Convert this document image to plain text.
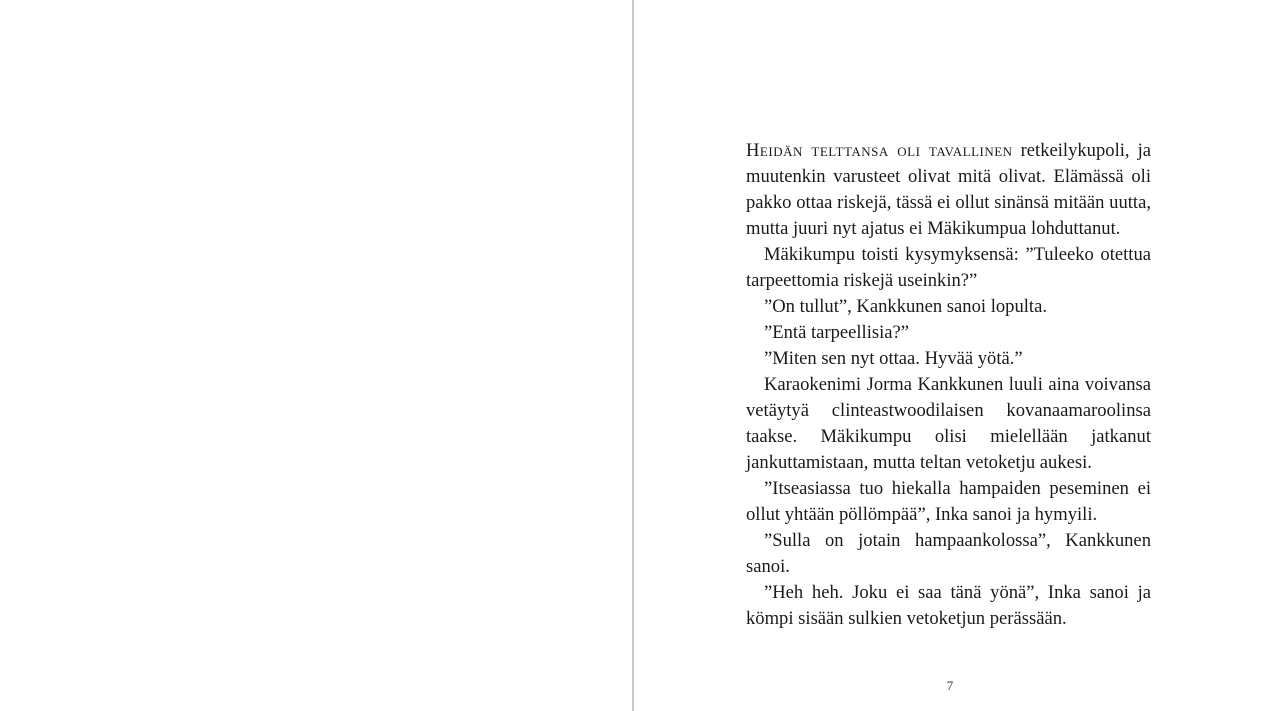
Heidän telttansa oli tavallinen retkeilykupoli, ja muutenkin varusteet olivat mitä olivat. Elämässä oli pakko ottaa riskejä, tässä ei ollut sinänsä mitään uutta, mutta juuri nyt ajatus ei Mäkikumpua lohduttanut.

Mäkikumpu toisti kysymyksensä: ”Tuleeko otettua tarpeettomia riskejä useinkin?”

”On tullut”, Kankkunen sanoi lopulta.

”Entä tarpeellisia?”

”Miten sen nyt ottaa. Hyvää yötä.”

Karaokenimi Jorma Kankkunen luuli aina voivansa vetäytyä clinteastwoodilaisen kovanaamaroolinsa taakse. Mäkikumpu olisi mielellään jatkanut jankuttamistaan, mutta teltan vetoketju aukesi.

”Itseasiassa tuo hiekalla hampaiden peseminen ei ollut yhtään pöllömpää”, Inka sanoi ja hymyili.

”Sulla on jotain hampaankolossa”, Kankkunen sanoi.

”Heh heh. Joku ei saa tänä yönä”, Inka sanoi ja kömpi sisään sulkien vetoketjun perässään.

7
